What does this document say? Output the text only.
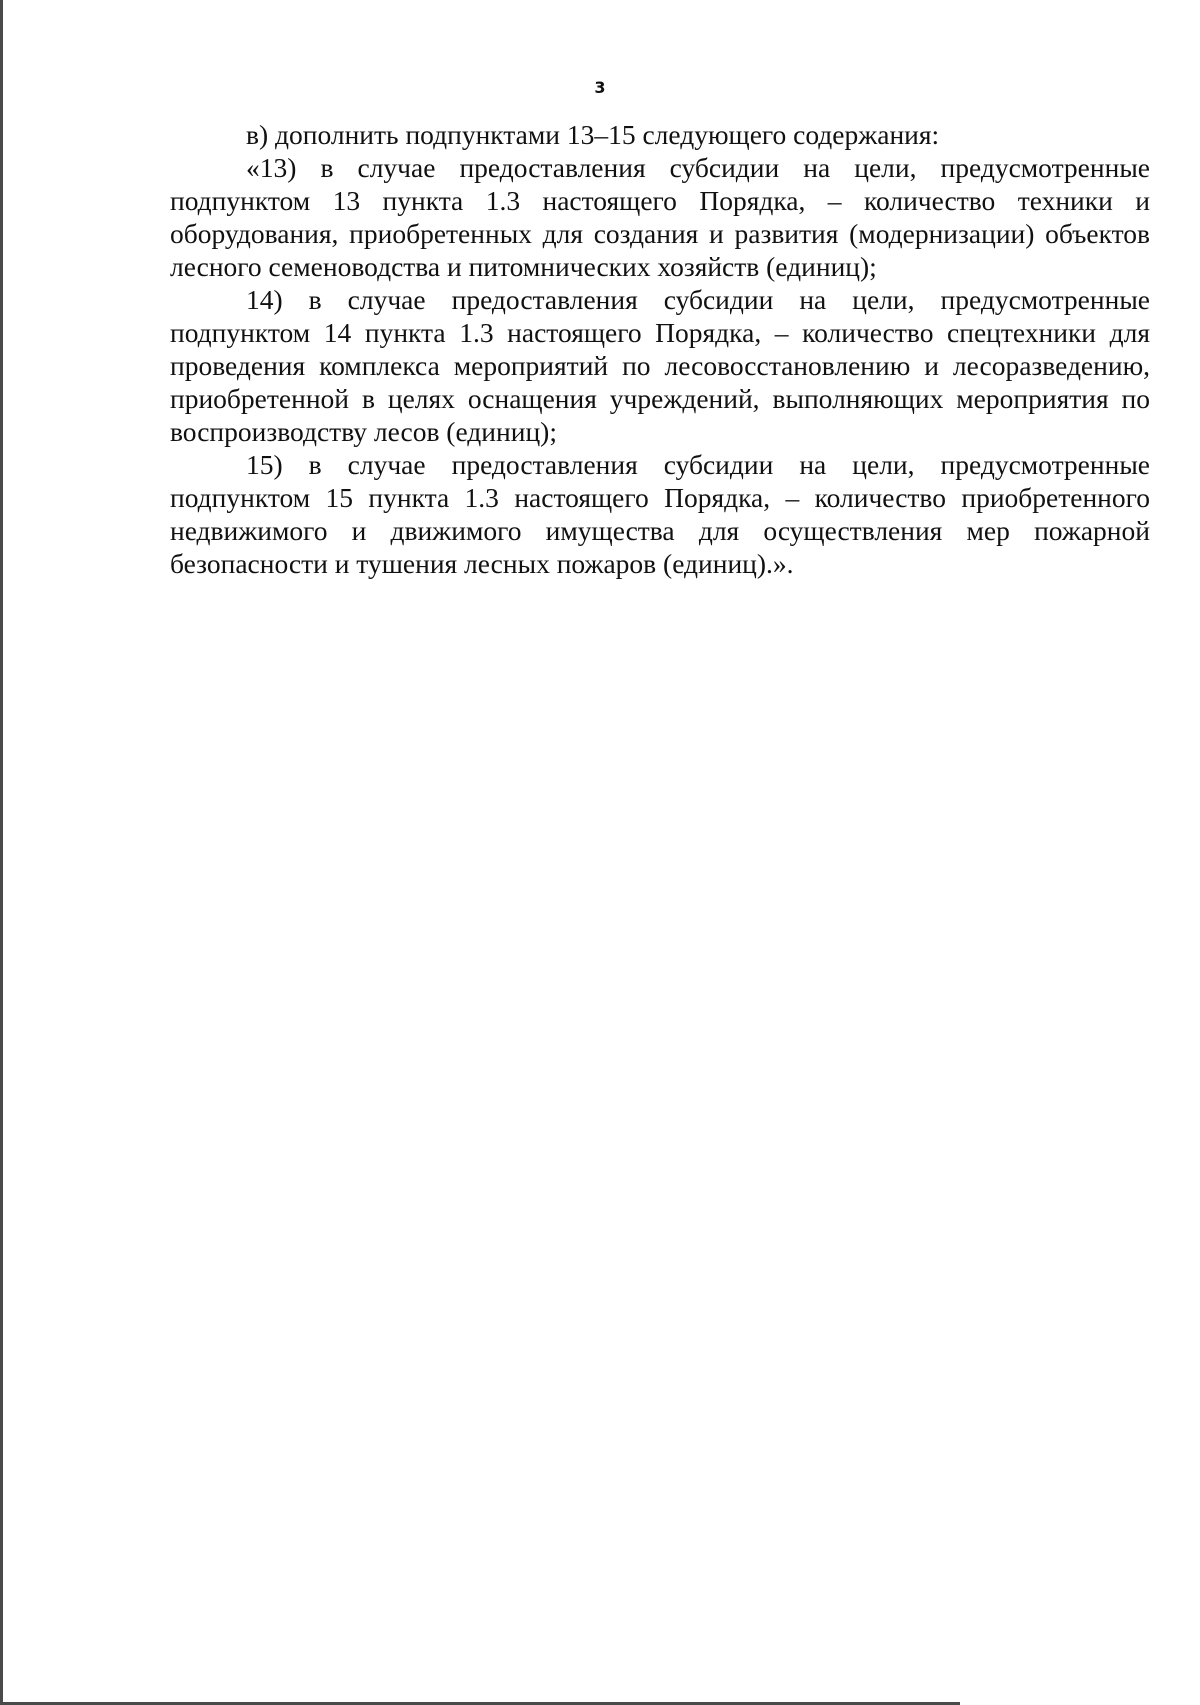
3

в) дополнить подпунктами 13–15 следующего содержания:

«13) в случае предоставления субсидии на цели, предусмотренные подпунктом 13 пункта 1.3 настоящего Порядка, – количество техники и оборудования, приобретенных для создания и развития (модернизации) объектов лесного семеноводства и питомнических хозяйств (единиц);

14) в случае предоставления субсидии на цели, предусмотренные подпунктом 14 пункта 1.3 настоящего Порядка, – количество спецтехники для проведения комплекса мероприятий по лесовосстановлению и лесоразведению, приобретенной в целях оснащения учреждений, выполняющих мероприятия по воспроизводству лесов (единиц);

15) в случае предоставления субсидии на цели, предусмотренные подпунктом 15 пункта 1.3 настоящего Порядка, – количество приобретенного недвижимого и движимого имущества для осуществления мер пожарной безопасности и тушения лесных пожаров (единиц).».
